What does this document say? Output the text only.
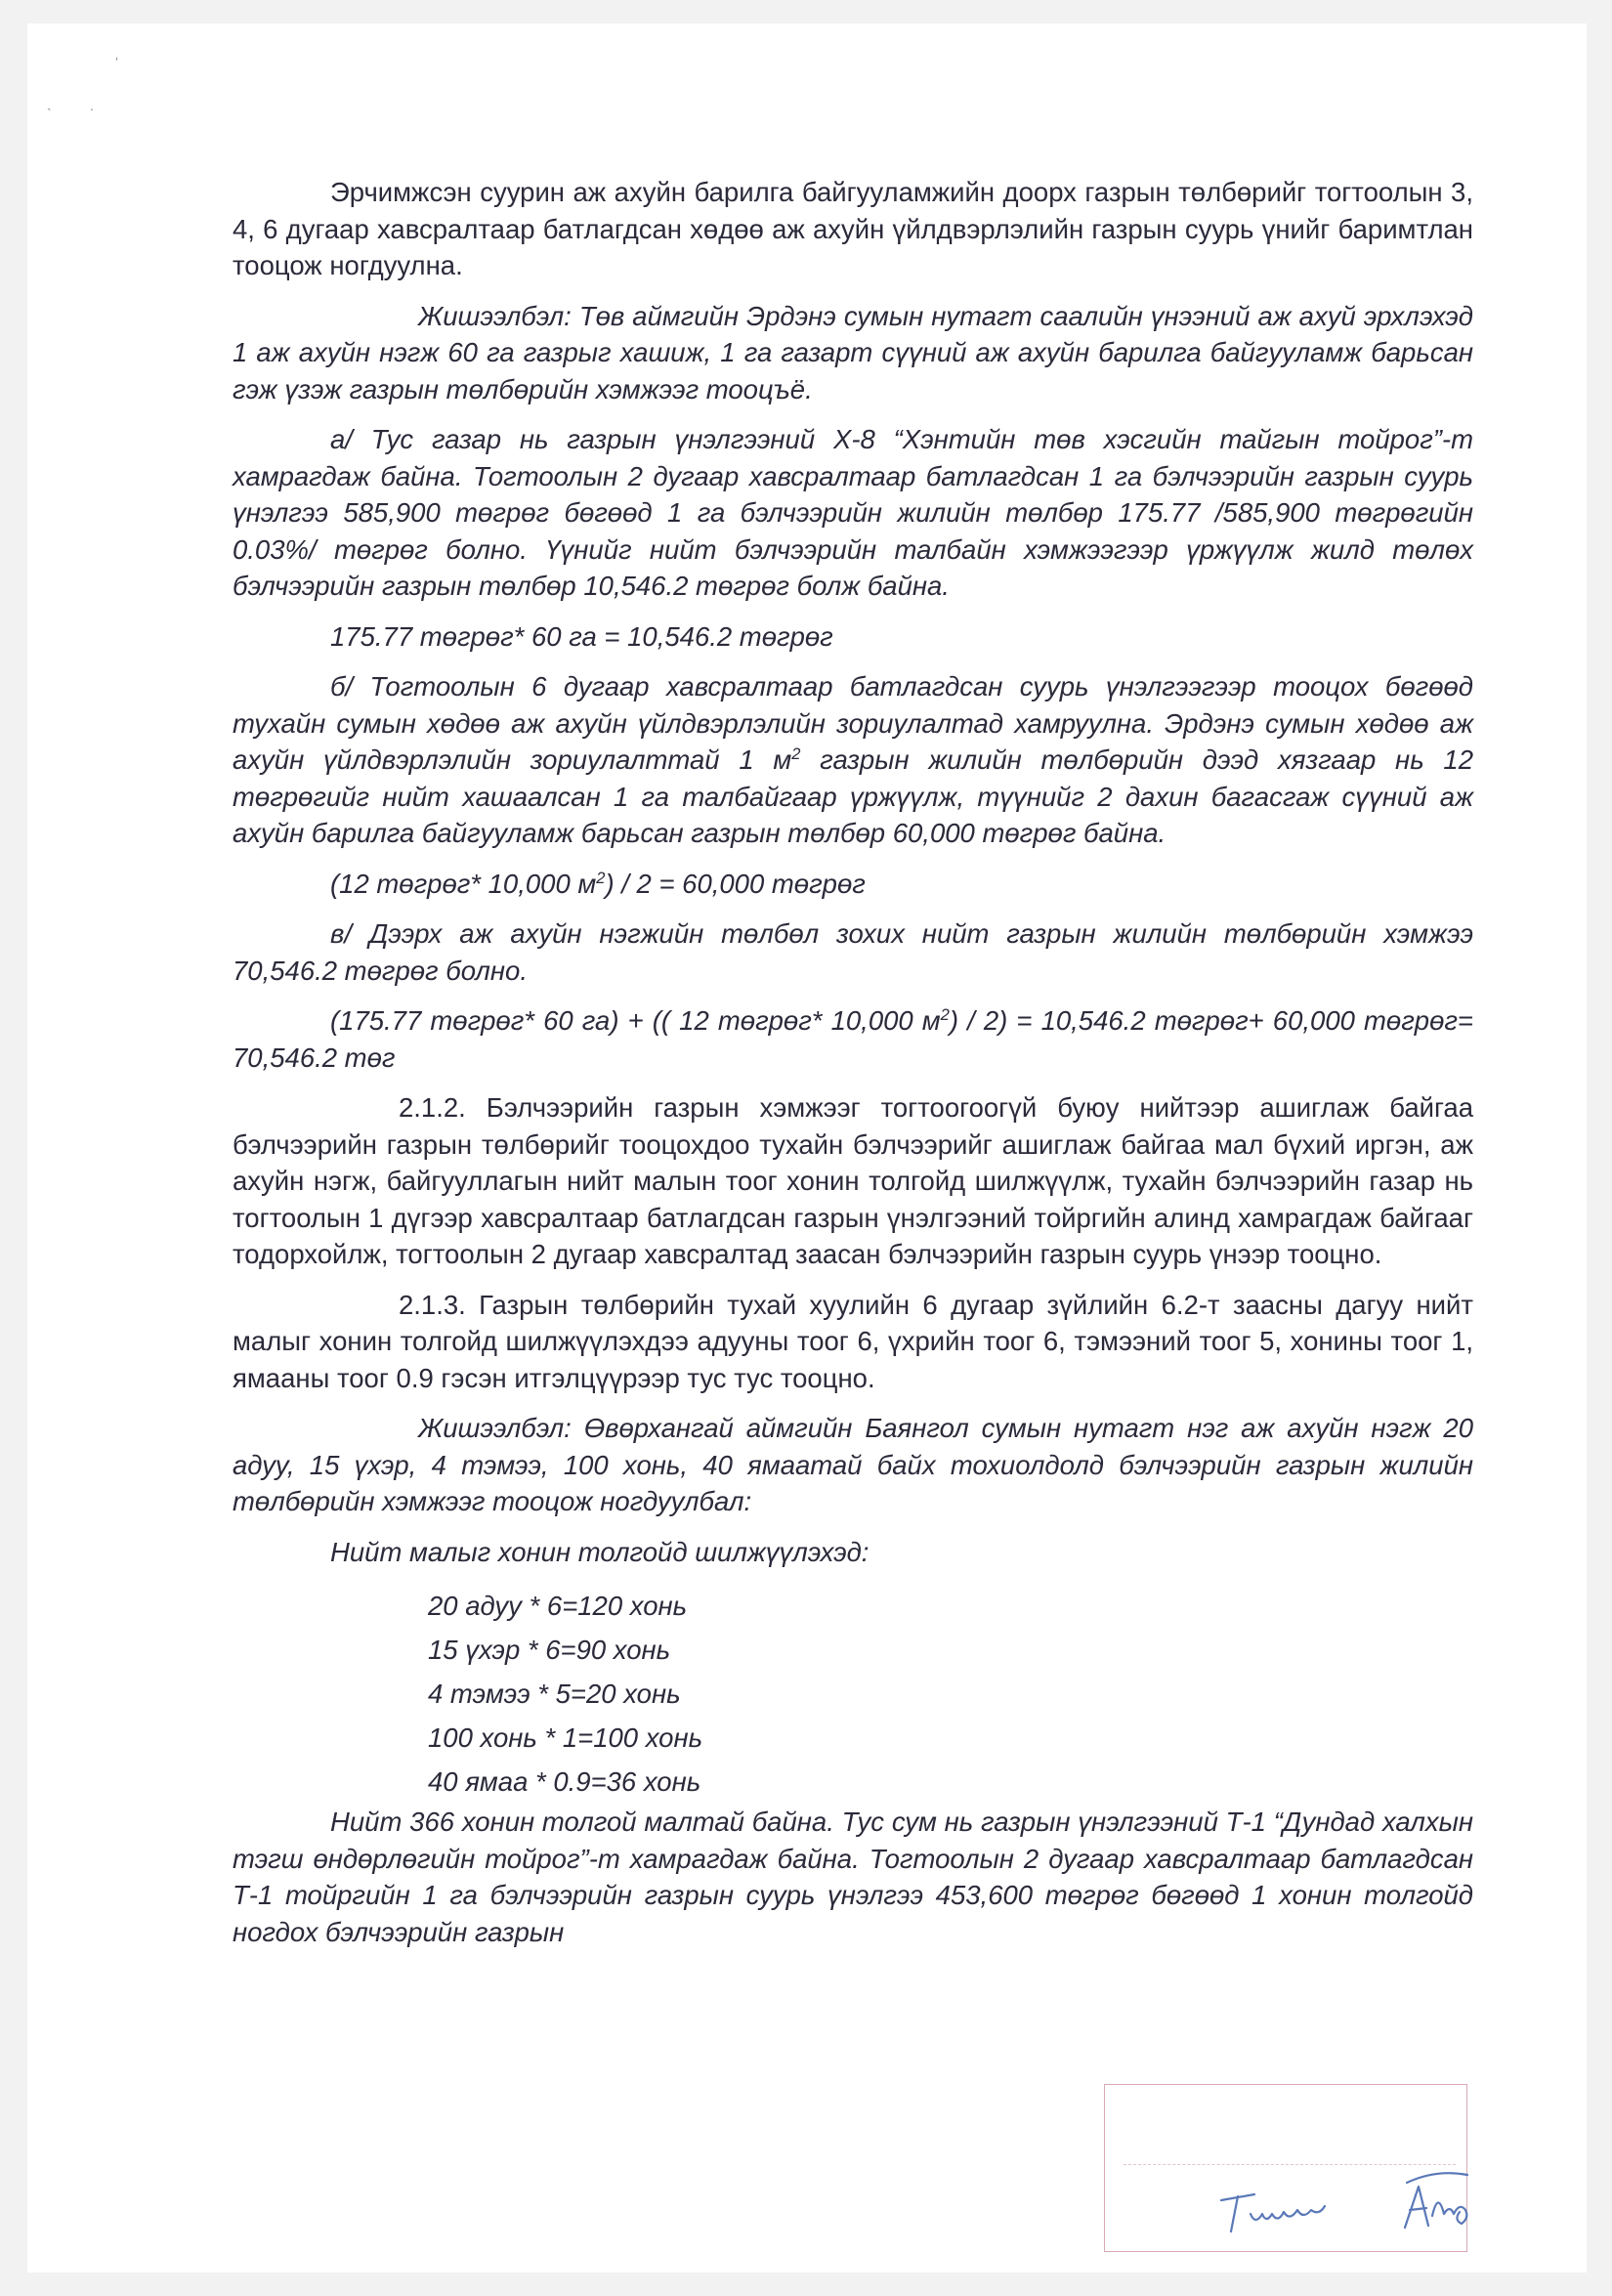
‘
.
`

Эрчимжсэн суурин аж ахуйн барилга байгууламжийн доорх газрын төлбөрийг тогтоолын 3, 4, 6 дугаар хавсралтаар батлагдсан хөдөө аж ахуйн үйлдвэрлэлийн газрын суурь үнийг баримтлан тооцож ногдуулна.

Жишээлбэл: Төв аймгийн Эрдэнэ сумын нутагт саалийн үнээний аж ахуй эрхлэхэд 1 аж ахуйн нэгж 60 га газрыг хашиж, 1 га газарт сүүний аж ахуйн барилга байгууламж барьсан гэж үзэж газрын төлбөрийн хэмжээг тооцъё.

а/ Тус газар нь газрын үнэлгээний Х-8 “Хэнтийн төв хэсгийн тайгын тойрог”-т хамрагдаж байна. Тогтоолын 2 дугаар хавсралтаар батлагдсан 1 га бэлчээрийн газрын суурь үнэлгээ 585,900 төгрөг бөгөөд 1 га бэлчээрийн жилийн төлбөр 175.77 /585,900 төгрөгийн 0.03%/ төгрөг болно. Үүнийг нийт бэлчээрийн талбайн хэмжээгээр үржүүлж жилд төлөх бэлчээрийн газрын төлбөр 10,546.2 төгрөг болж байна.

175.77 төгрөг* 60 га = 10,546.2 төгрөг

б/ Тогтоолын 6 дугаар хавсралтаар батлагдсан суурь үнэлгээгээр тооцох бөгөөд тухайн сумын хөдөө аж ахуйн үйлдвэрлэлийн зориулалтад хамруулна. Эрдэнэ сумын хөдөө аж ахуйн үйлдвэрлэлийн зориулалттай 1 $м^2$ газрын жилийн төлбөрийн дээд хязгаар нь 12 төгрөгийг нийт хашаалсан 1 га талбайгаар үржүүлж, түүнийг 2 дахин багасгаж сүүний аж ахуйн барилга байгууламж барьсан газрын төлбөр 60,000 төгрөг байна.

(12 төгрөг* 10,000 $м^2) / 2 = 60,000$ төгрөг

в/ Дээрх аж ахуйн нэгжийн төлбөл зохих нийт газрын жилийн төлбөрийн хэмжээ 70,546.2 төгрөг болно.

(175.77 төгрөг* 60 га) + (( 12 төгрөг* 10,000 $м^2) / 2) = 10,546.2$ төгрөг+ 60,000 төгрөг= 70,546.2 төг

2.1.2. Бэлчээрийн газрын хэмжээг тогтоогоогүй буюу нийтээр ашиглаж байгаа бэлчээрийн газрын төлбөрийг тооцохдоо тухайн бэлчээрийг ашиглаж байгаа мал бүхий иргэн, аж ахуйн нэгж, байгууллагын нийт малын тоог хонин толгойд шилжүүлж, тухайн бэлчээрийн газар нь тогтоолын 1 дүгээр хавсралтаар батлагдсан газрын үнэлгээний тойргийн алинд хамрагдаж байгааг тодорхойлж, тогтоолын 2 дугаар хавсралтад заасан бэлчээрийн газрын суурь үнээр тооцно.

2.1.3. Газрын төлбөрийн тухай хуулийн 6 дугаар зүйлийн 6.2-т заасны дагуу нийт малыг хонин толгойд шилжүүлэхдээ адууны тоог 6, үхрийн тоог 6, тэмээний тоог 5, хонины тоог 1, ямааны тоог 0.9 гэсэн итгэлцүүрээр тус тус тооцно.

Жишээлбэл: Өвөрхангай аймгийн Баянгол сумын нутагт нэг аж ахуйн нэгж 20 адуу, 15 үхэр, 4 тэмээ, 100 хонь, 40 ямаатай байх тохиолдолд бэлчээрийн газрын жилийн төлбөрийн хэмжээг тооцож ногдуулбал:

Нийт малыг хонин толгойд шилжүүлэхэд:

20 адуу * 6=120 хонь

15 үхэр * 6=90 хонь

4 тэмээ * 5=20 хонь

100 хонь * 1=100 хонь

40 ямаа * 0.9=36 хонь

Нийт 366 хонин толгой малтай байна. Тус сум нь газрын үнэлгээний Т-1 “Дундад халхын тэгш өндөрлөгийн тойрог”-т хамрагдаж байна. Тогтоолын 2 дугаар хавсралтаар батлагдсан Т-1 тойргийн 1 га бэлчээрийн газрын суурь үнэлгээ 453,600 төгрөг бөгөөд 1 хонин толгойд ногдох бэлчээрийн газрын
